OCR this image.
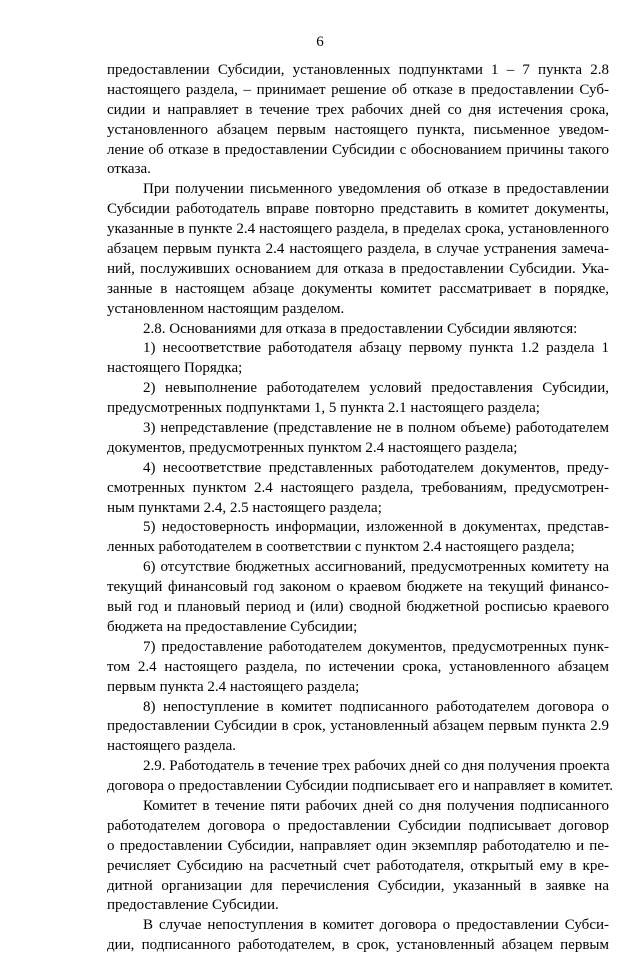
6
предоставлении Субсидии, установленных подпунктами 1 – 7 пункта 2.8
настоящего раздела, – принимает решение об отказе в предоставлении Суб-
сидии и направляет в течение трех рабочих дней со дня истечения срока,
установленного абзацем первым настоящего пункта, письменное уведом-
ление об отказе в предоставлении Субсидии с обоснованием причины такого
отказа.
При получении письменного уведомления об отказе в предоставлении
Субсидии работодатель вправе повторно представить в комитет документы,
указанные в пункте 2.4 настоящего раздела, в пределах срока, установленного
абзацем первым пункта 2.4 настоящего раздела, в случае устранения замеча-
ний, послуживших основанием для отказа в предоставлении Субсидии. Ука-
занные в настоящем абзаце документы комитет рассматривает в порядке,
установленном настоящим разделом.
2.8. Основаниями для отказа в предоставлении Субсидии являются:
1) несоответствие работодателя абзацу первому пункта 1.2 раздела 1
настоящего Порядка;
2) невыполнение работодателем условий предоставления Субсидии,
предусмотренных подпунктами 1, 5 пункта 2.1 настоящего раздела;
3) непредставление (представление не в полном объеме) работодателем
документов, предусмотренных пунктом 2.4 настоящего раздела;
4) несоответствие представленных работодателем документов, преду-
смотренных пунктом 2.4 настоящего раздела, требованиям, предусмотрен-
ным пунктами 2.4, 2.5 настоящего раздела;
5) недостоверность информации, изложенной в документах, представ-
ленных работодателем в соответствии с пунктом 2.4 настоящего раздела;
6) отсутствие бюджетных ассигнований, предусмотренных комитету на
текущий финансовый год законом о краевом бюджете на текущий финансо-
вый год и плановый период и (или) сводной бюджетной росписью краевого
бюджета на предоставление Субсидии;
7) предоставление работодателем документов, предусмотренных пунк-
том 2.4 настоящего раздела, по истечении срока, установленного абзацем
первым пункта 2.4 настоящего раздела;
8) непоступление в комитет подписанного работодателем договора о
предоставлении Субсидии в срок, установленный абзацем первым пункта 2.9
настоящего раздела.
2.9. Работодатель в течение трех рабочих дней со дня получения проекта
договора о предоставлении Субсидии подписывает его и направляет в комитет.
Комитет в течение пяти рабочих дней со дня получения подписанного
работодателем договора о предоставлении Субсидии подписывает договор
о предоставлении Субсидии, направляет один экземпляр работодателю и пе-
речисляет Субсидию на расчетный счет работодателя, открытый ему в кре-
дитной организации для перечисления Субсидии, указанный в заявке на
предоставление Субсидии.
В случае непоступления в комитет договора о предоставлении Субси-
дии, подписанного работодателем, в срок, установленный абзацем первым
